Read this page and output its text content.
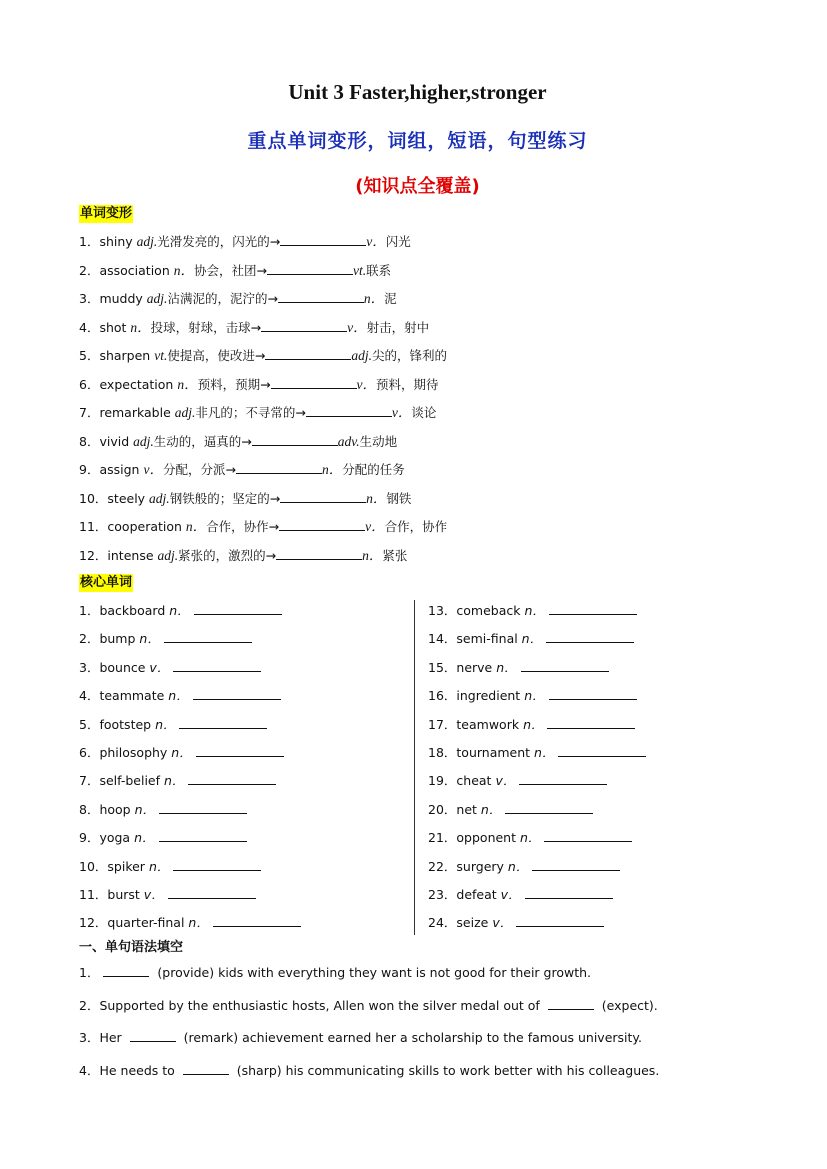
Unit 3 Faster,higher,stronger
重点单词变形，词组，短语，句型练习
(知识点全覆盖)
单词变形
1．shiny adj.光滑发亮的，闪光的→	v．闪光
2．association n．协会，社团→	vt.联系
3．muddy adj.沾满泥的，泥泞的→	n．泥
4．shot n．投球，射球，击球→	v．射击，射中
5．sharpen vt.使提高，使改进→	adj.尖的，锋利的
6．expectation n．预料，预期→	v．预料，期待
7．remarkable adj.非凡的；不寻常的→	v．谈论
8．vivid adj.生动的，逼真的→	adv.生动地
9．assign v．分配，分派→	n．分配的任务
10．steely adj.钢铁般的；坚定的→	n．钢铁
11．cooperation n．合作，协作→	v．合作，协作
12．intense adj.紧张的，激烈的→	n．紧张
核心单词
1．backboard n．
2．bump n．
3．bounce v．
4．teammate n．
5．footstep n．
6．philosophy n．
7．self-belief n．
8．hoop n．
9．yoga n．
10．spiker n．
11．burst v．
12．quarter-final n．
13．comeback n．
14．semi-final n．
15．nerve n．
16．ingredient n．
17．teamwork n．
18．tournament n．
19．cheat v．
20．net n．
21．opponent n．
22．surgery n．
23．defeat v．
24．seize v．
一、单句语法填空
1．	(provide) kids with everything they want is not good for their growth.
2．Supported by the enthusiastic hosts, Allen won the silver medal out of	(expect).
3．Her	(remark) achievement earned her a scholarship to the famous university.
4．He needs to	(sharp) his communicating skills to work better with his colleagues.
